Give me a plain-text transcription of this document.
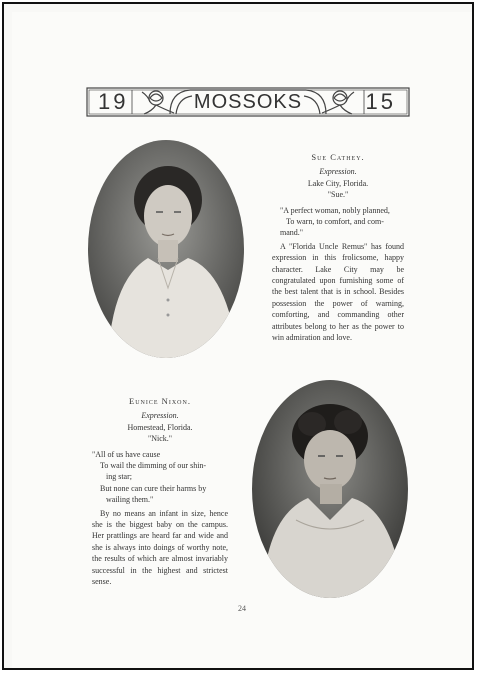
19	MOSSOKS	15
Sue Cathey.
Expression.
Lake City, Florida.
"Sue."

"A perfect woman, nobly planned,

To warn, to comfort, and com-

mand."

A "Florida Uncle Remus" has found expression in this frolicsome, happy character. Lake City may be congratulated upon furnishing some of the best talent that is in school. Besides possession the power of warning, comforting, and commanding other attributes belong to her as the power to win admiration and love.
Eunice Nixon.
Expression.
Homestead, Florida.
"Nick."

"All of us have cause

To wail the dimming of our shin-

ing star;

But none can cure their harms by

wailing them."

By no means an infant in size, hence she is the biggest baby on the campus. Her prattlings are heard far and wide and she is always into doings of worthy note, the results of which are almost invariably successful in the highest and strictest sense.
24
